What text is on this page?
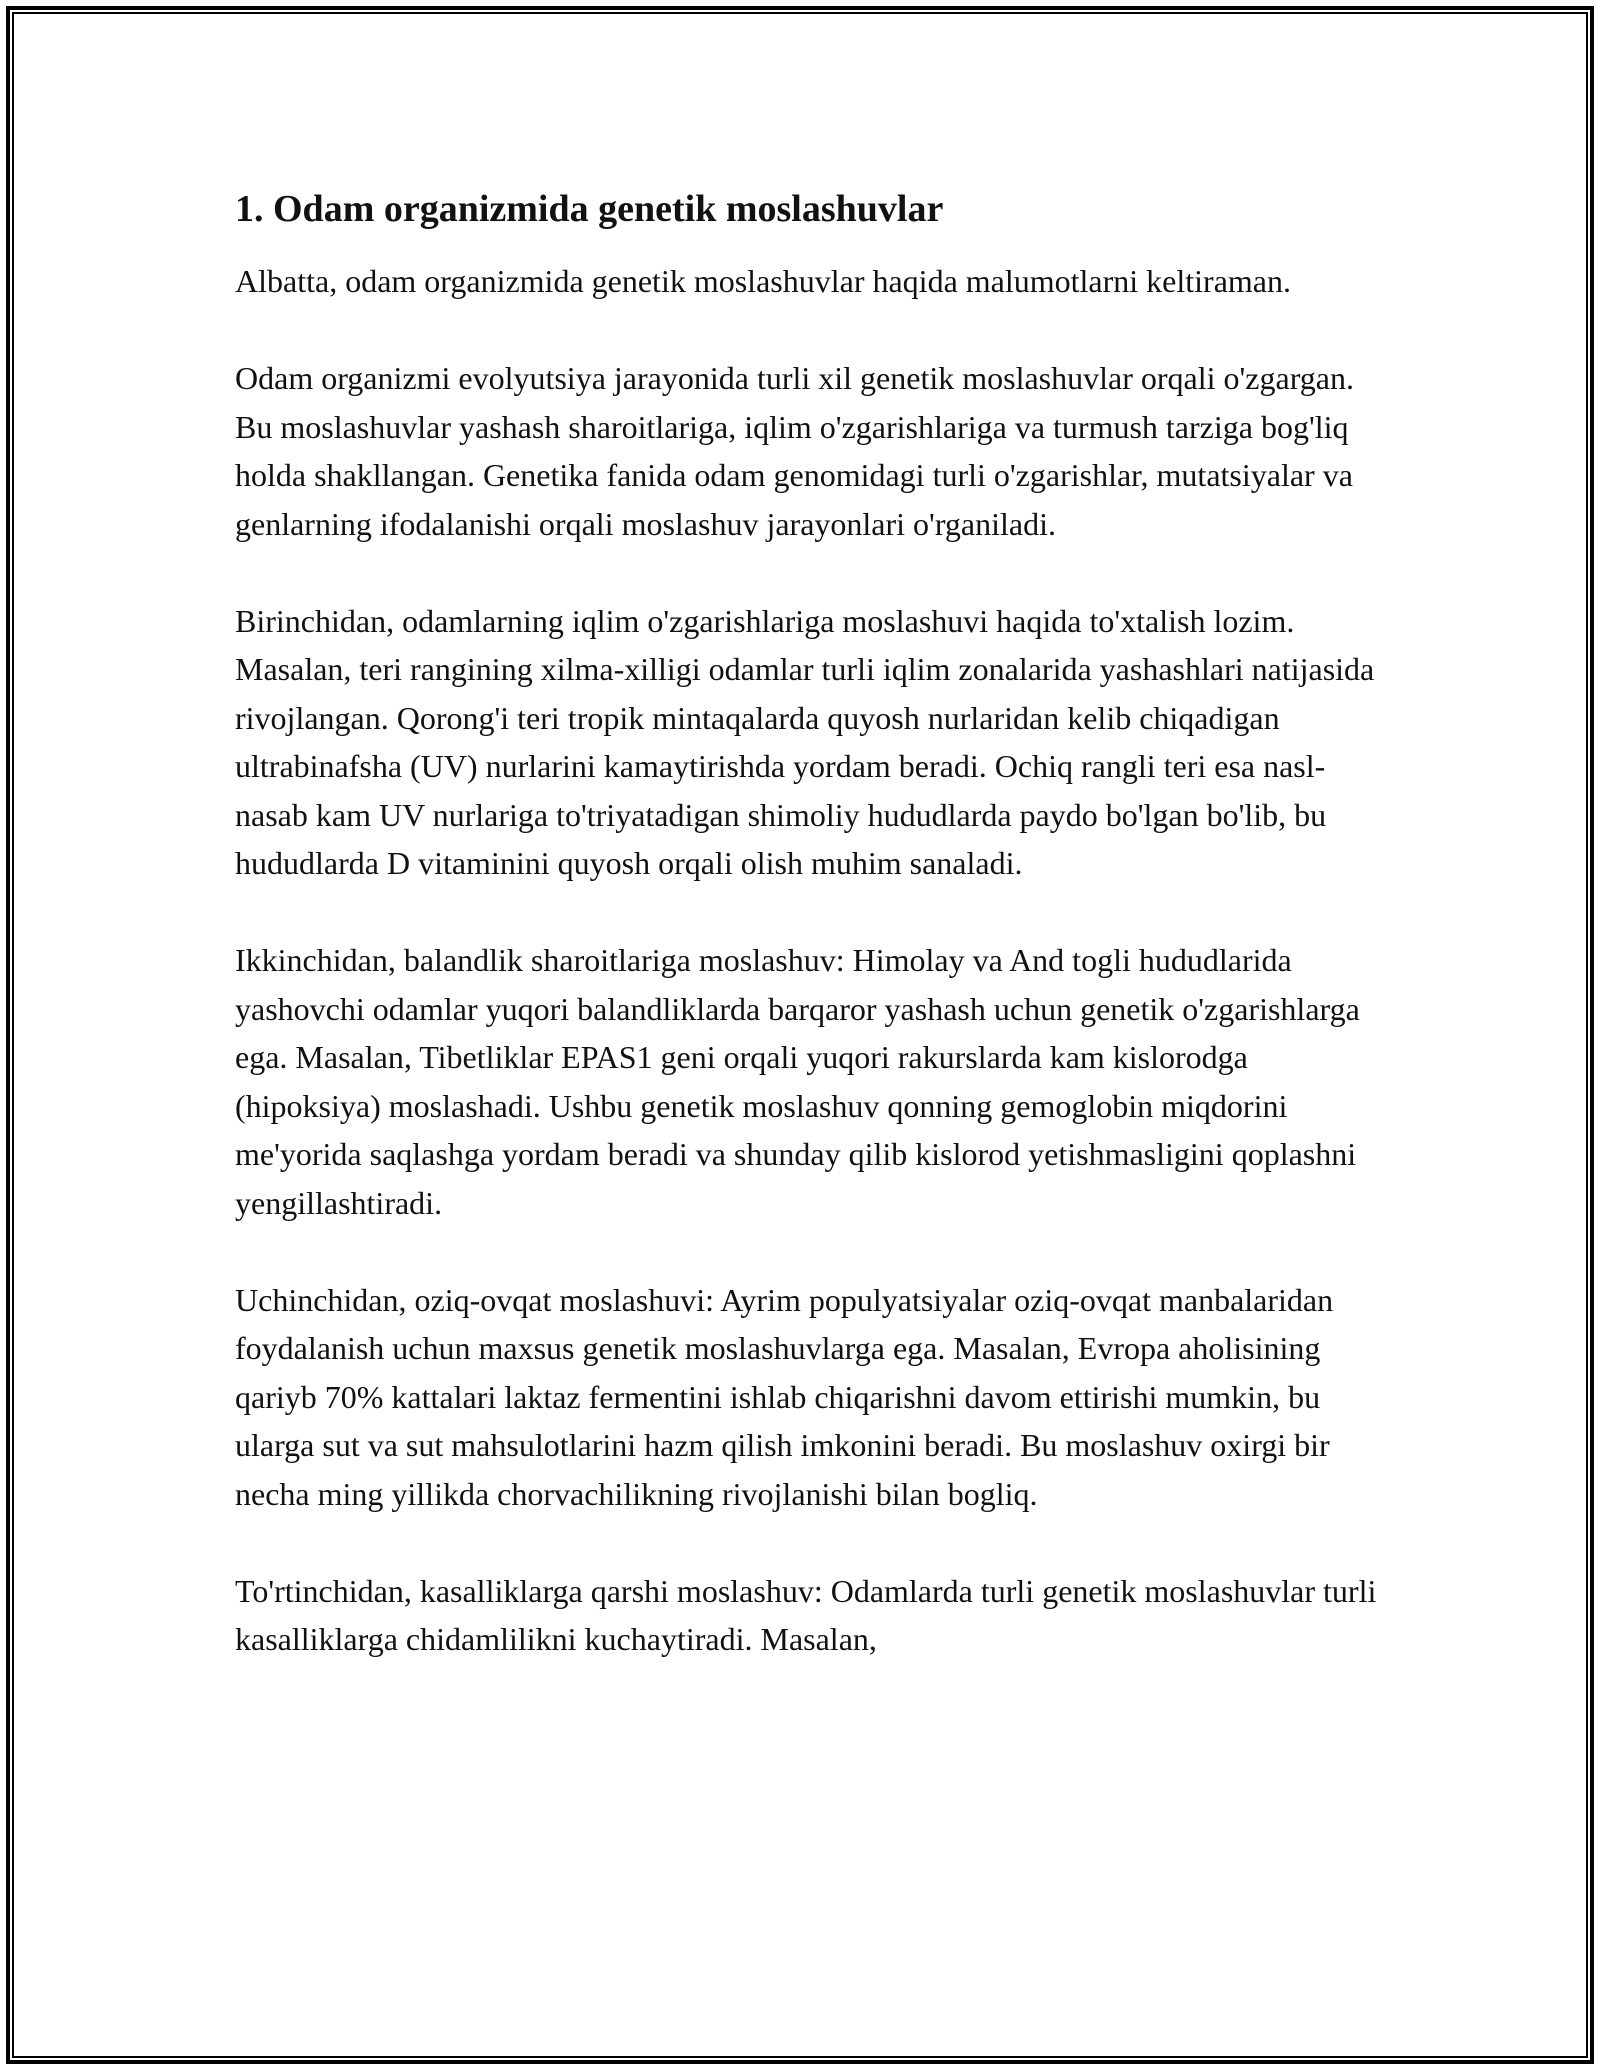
1. Odam organizmida genetik moslashuvlar

Albatta, odam organizmida genetik moslashuvlar haqida malumotlarni keltiraman.

Odam organizmi evolyutsiya jarayonida turli xil genetik moslashuvlar orqali o'zgargan. Bu moslashuvlar yashash sharoitlariga, iqlim o'zgarishlariga va turmush tarziga bog'liq holda shakllangan. Genetika fanida odam genomidagi turli o'zgarishlar, mutatsiyalar va genlarning ifodalanishi orqali moslashuv jarayonlari o'rganiladi.

Birinchidan, odamlarning iqlim o'zgarishlariga moslashuvi haqida to'xtalish lozim. Masalan, teri rangining xilma-xilligi odamlar turli iqlim zonalarida yashashlari natijasida rivojlangan. Qorong'i teri tropik mintaqalarda quyosh nurlaridan kelib chiqadigan ultrabinafsha (UV) nurlarini kamaytirishda yordam beradi. Ochiq rangli teri esa nasl-nasab kam UV nurlariga to'triyatadigan shimoliy hududlarda paydo bo'lgan bo'lib, bu hududlarda D vitaminini quyosh orqali olish muhim sanaladi.

Ikkinchidan, balandlik sharoitlariga moslashuv: Himolay va And togli hududlarida yashovchi odamlar yuqori balandliklarda barqaror yashash uchun genetik o'zgarishlarga ega. Masalan, Tibetliklar EPAS1 geni orqali yuqori rakurslarda kam kislorodga (hipoksiya) moslashadi. Ushbu genetik moslashuv qonning gemoglobin miqdorini me'yorida saqlashga yordam beradi va shunday qilib kislorod yetishmasligini qoplashni yengillashtiradi.

Uchinchidan, oziq-ovqat moslashuvi: Ayrim populyatsiyalar oziq-ovqat manbalaridan foydalanish uchun maxsus genetik moslashuvlarga ega. Masalan, Evropa aholisining qariyb 70% kattalari laktaz fermentini ishlab chiqarishni davom ettirishi mumkin, bu ularga sut va sut mahsulotlarini hazm qilish imkonini beradi. Bu moslashuv oxirgi bir necha ming yillikda chorvachilikning rivojlanishi bilan bogliq.

To'rtinchidan, kasalliklarga qarshi moslashuv: Odamlarda turli genetik moslashuvlar turli kasalliklarga chidamlilikni kuchaytiradi. Masalan,
